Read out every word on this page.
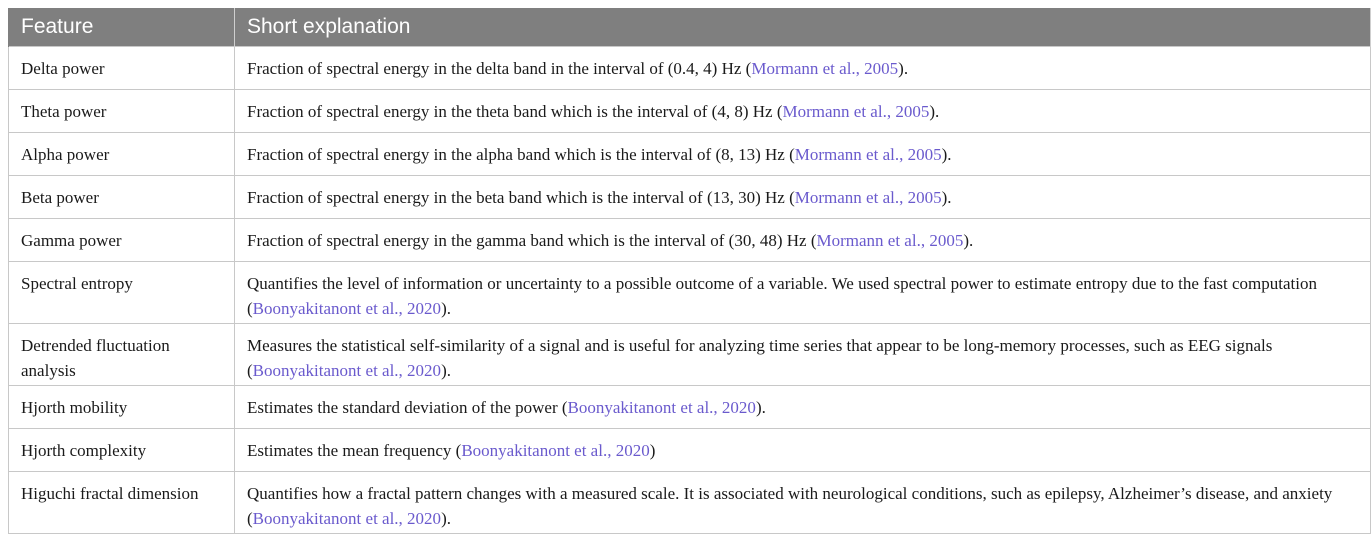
Feature	Short explanation
Delta power	Fraction of spectral energy in the delta band in the interval of (0.4, 4) Hz (Mormann et al., 2005).
Theta power	Fraction of spectral energy in the theta band which is the interval of (4, 8) Hz (Mormann et al., 2005).
Alpha power	Fraction of spectral energy in the alpha band which is the interval of (8, 13) Hz (Mormann et al., 2005).
Beta power	Fraction of spectral energy in the beta band which is the interval of (13, 30) Hz (Mormann et al., 2005).
Gamma power	Fraction of spectral energy in the gamma band which is the interval of (30, 48) Hz (Mormann et al., 2005).
Spectral entropy	Quantifies the level of information or uncertainty to a possible outcome of a variable. We used spectral power to estimate entropy due to the fast computation (Boonyakitanont et al., 2020).
Detrended fluctuation analysis	Measures the statistical self-similarity of a signal and is useful for analyzing time series that appear to be long-memory processes, such as EEG signals (Boonyakitanont et al., 2020).
Hjorth mobility	Estimates the standard deviation of the power (Boonyakitanont et al., 2020).
Hjorth complexity	Estimates the mean frequency (Boonyakitanont et al., 2020)
Higuchi fractal dimension	Quantifies how a fractal pattern changes with a measured scale. It is associated with neurological conditions, such as epilepsy, Alzheimer’s disease, and anxiety (Boonyakitanont et al., 2020).
